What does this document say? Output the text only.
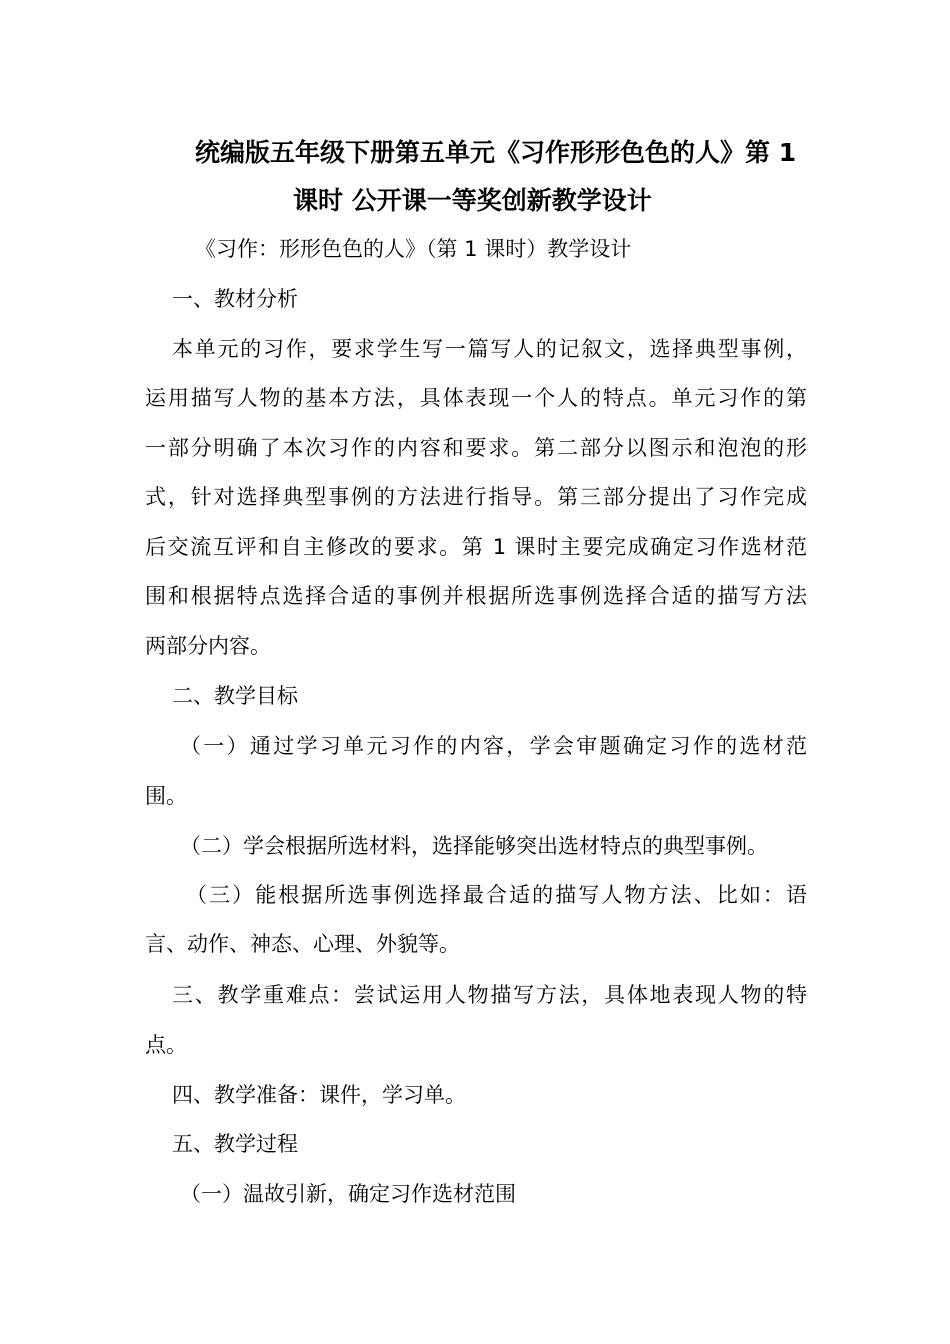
统编版五年级下册第五单元《习作形形色色的人》第 1
课时 公开课一等奖创新教学设计
《习作：形形色色的人》（第 1 课时）教学设计
一、教材分析
本单元的习作，要求学生写一篇写人的记叙文，选择典型事例，
运用描写人物的基本方法，具体表现一个人的特点。单元习作的第
一部分明确了本次习作的内容和要求。第二部分以图示和泡泡的形
式，针对选择典型事例的方法进行指导。第三部分提出了习作完成
后交流互评和自主修改的要求。第 1 课时主要完成确定习作选材范
围和根据特点选择合适的事例并根据所选事例选择合适的描写方法
两部分内容。
二、教学目标
（一）通过学习单元习作的内容，学会审题确定习作的选材范
围。
（二）学会根据所选材料，选择能够突出选材特点的典型事例。
（三）能根据所选事例选择最合适的描写人物方法、比如：语
言、动作、神态、心理、外貌等。
三、教学重难点：尝试运用人物描写方法，具体地表现人物的特
点。
四、教学准备：课件，学习单。
五、教学过程
（一）温故引新，确定习作选材范围
